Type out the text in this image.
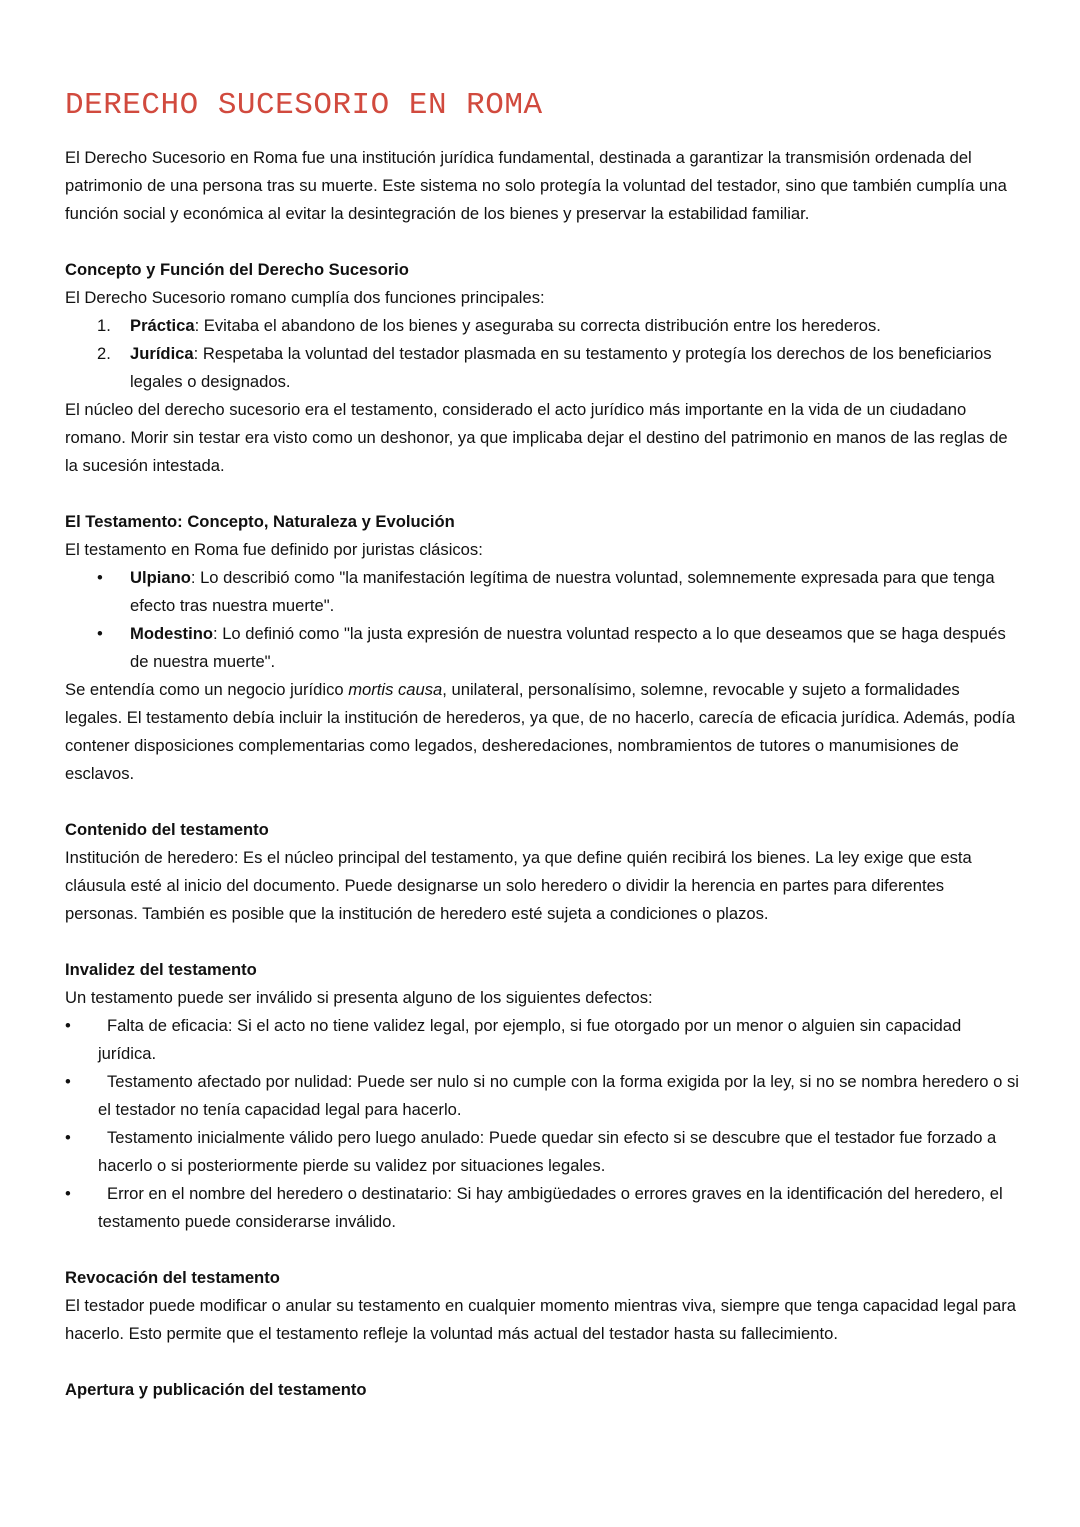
DERECHO SUCESORIO EN ROMA

El Derecho Sucesorio en Roma fue una institución jurídica fundamental, destinada a garantizar la transmisión ordenada del patrimonio de una persona tras su muerte. Este sistema no solo protegía la voluntad del testador, sino que también cumplía una función social y económica al evitar la desintegración de los bienes y preservar la estabilidad familiar.

Concepto y Función del Derecho Sucesorio

El Derecho Sucesorio romano cumplía dos funciones principales:

1. Práctica: Evitaba el abandono de los bienes y aseguraba su correcta distribución entre los herederos.
2. Jurídica: Respetaba la voluntad del testador plasmada en su testamento y protegía los derechos de los beneficiarios legales o designados.

El núcleo del derecho sucesorio era el testamento, considerado el acto jurídico más importante en la vida de un ciudadano romano. Morir sin testar era visto como un deshonor, ya que implicaba dejar el destino del patrimonio en manos de las reglas de la sucesión intestada.

El Testamento: Concepto, Naturaleza y Evolución

El testamento en Roma fue definido por juristas clásicos:

• Ulpiano: Lo describió como "la manifestación legítima de nuestra voluntad, solemnemente expresada para que tenga efecto tras nuestra muerte".
• Modestino: Lo definió como "la justa expresión de nuestra voluntad respecto a lo que deseamos que se haga después de nuestra muerte".

Se entendía como un negocio jurídico mortis causa, unilateral, personalísimo, solemne, revocable y sujeto a formalidades legales. El testamento debía incluir la institución de herederos, ya que, de no hacerlo, carecía de eficacia jurídica. Además, podía contener disposiciones complementarias como legados, desheredaciones, nombramientos de tutores o manumisiones de esclavos.

Contenido del testamento

Institución de heredero: Es el núcleo principal del testamento, ya que define quién recibirá los bienes. La ley exige que esta cláusula esté al inicio del documento. Puede designarse un solo heredero o dividir la herencia en partes para diferentes personas. También es posible que la institución de heredero esté sujeta a condiciones o plazos.

Invalidez del testamento

Un testamento puede ser inválido si presenta alguno de los siguientes defectos:

• Falta de eficacia: Si el acto no tiene validez legal, por ejemplo, si fue otorgado por un menor o alguien sin capacidad jurídica.
• Testamento afectado por nulidad: Puede ser nulo si no cumple con la forma exigida por la ley, si no se nombra heredero o si el testador no tenía capacidad legal para hacerlo.
• Testamento inicialmente válido pero luego anulado: Puede quedar sin efecto si se descubre que el testador fue forzado a hacerlo o si posteriormente pierde su validez por situaciones legales.
• Error en el nombre del heredero o destinatario: Si hay ambigüedades o errores graves en la identificación del heredero, el testamento puede considerarse inválido.

Revocación del testamento

El testador puede modificar o anular su testamento en cualquier momento mientras viva, siempre que tenga capacidad legal para hacerlo. Esto permite que el testamento refleje la voluntad más actual del testador hasta su fallecimiento.

Apertura y publicación del testamento
